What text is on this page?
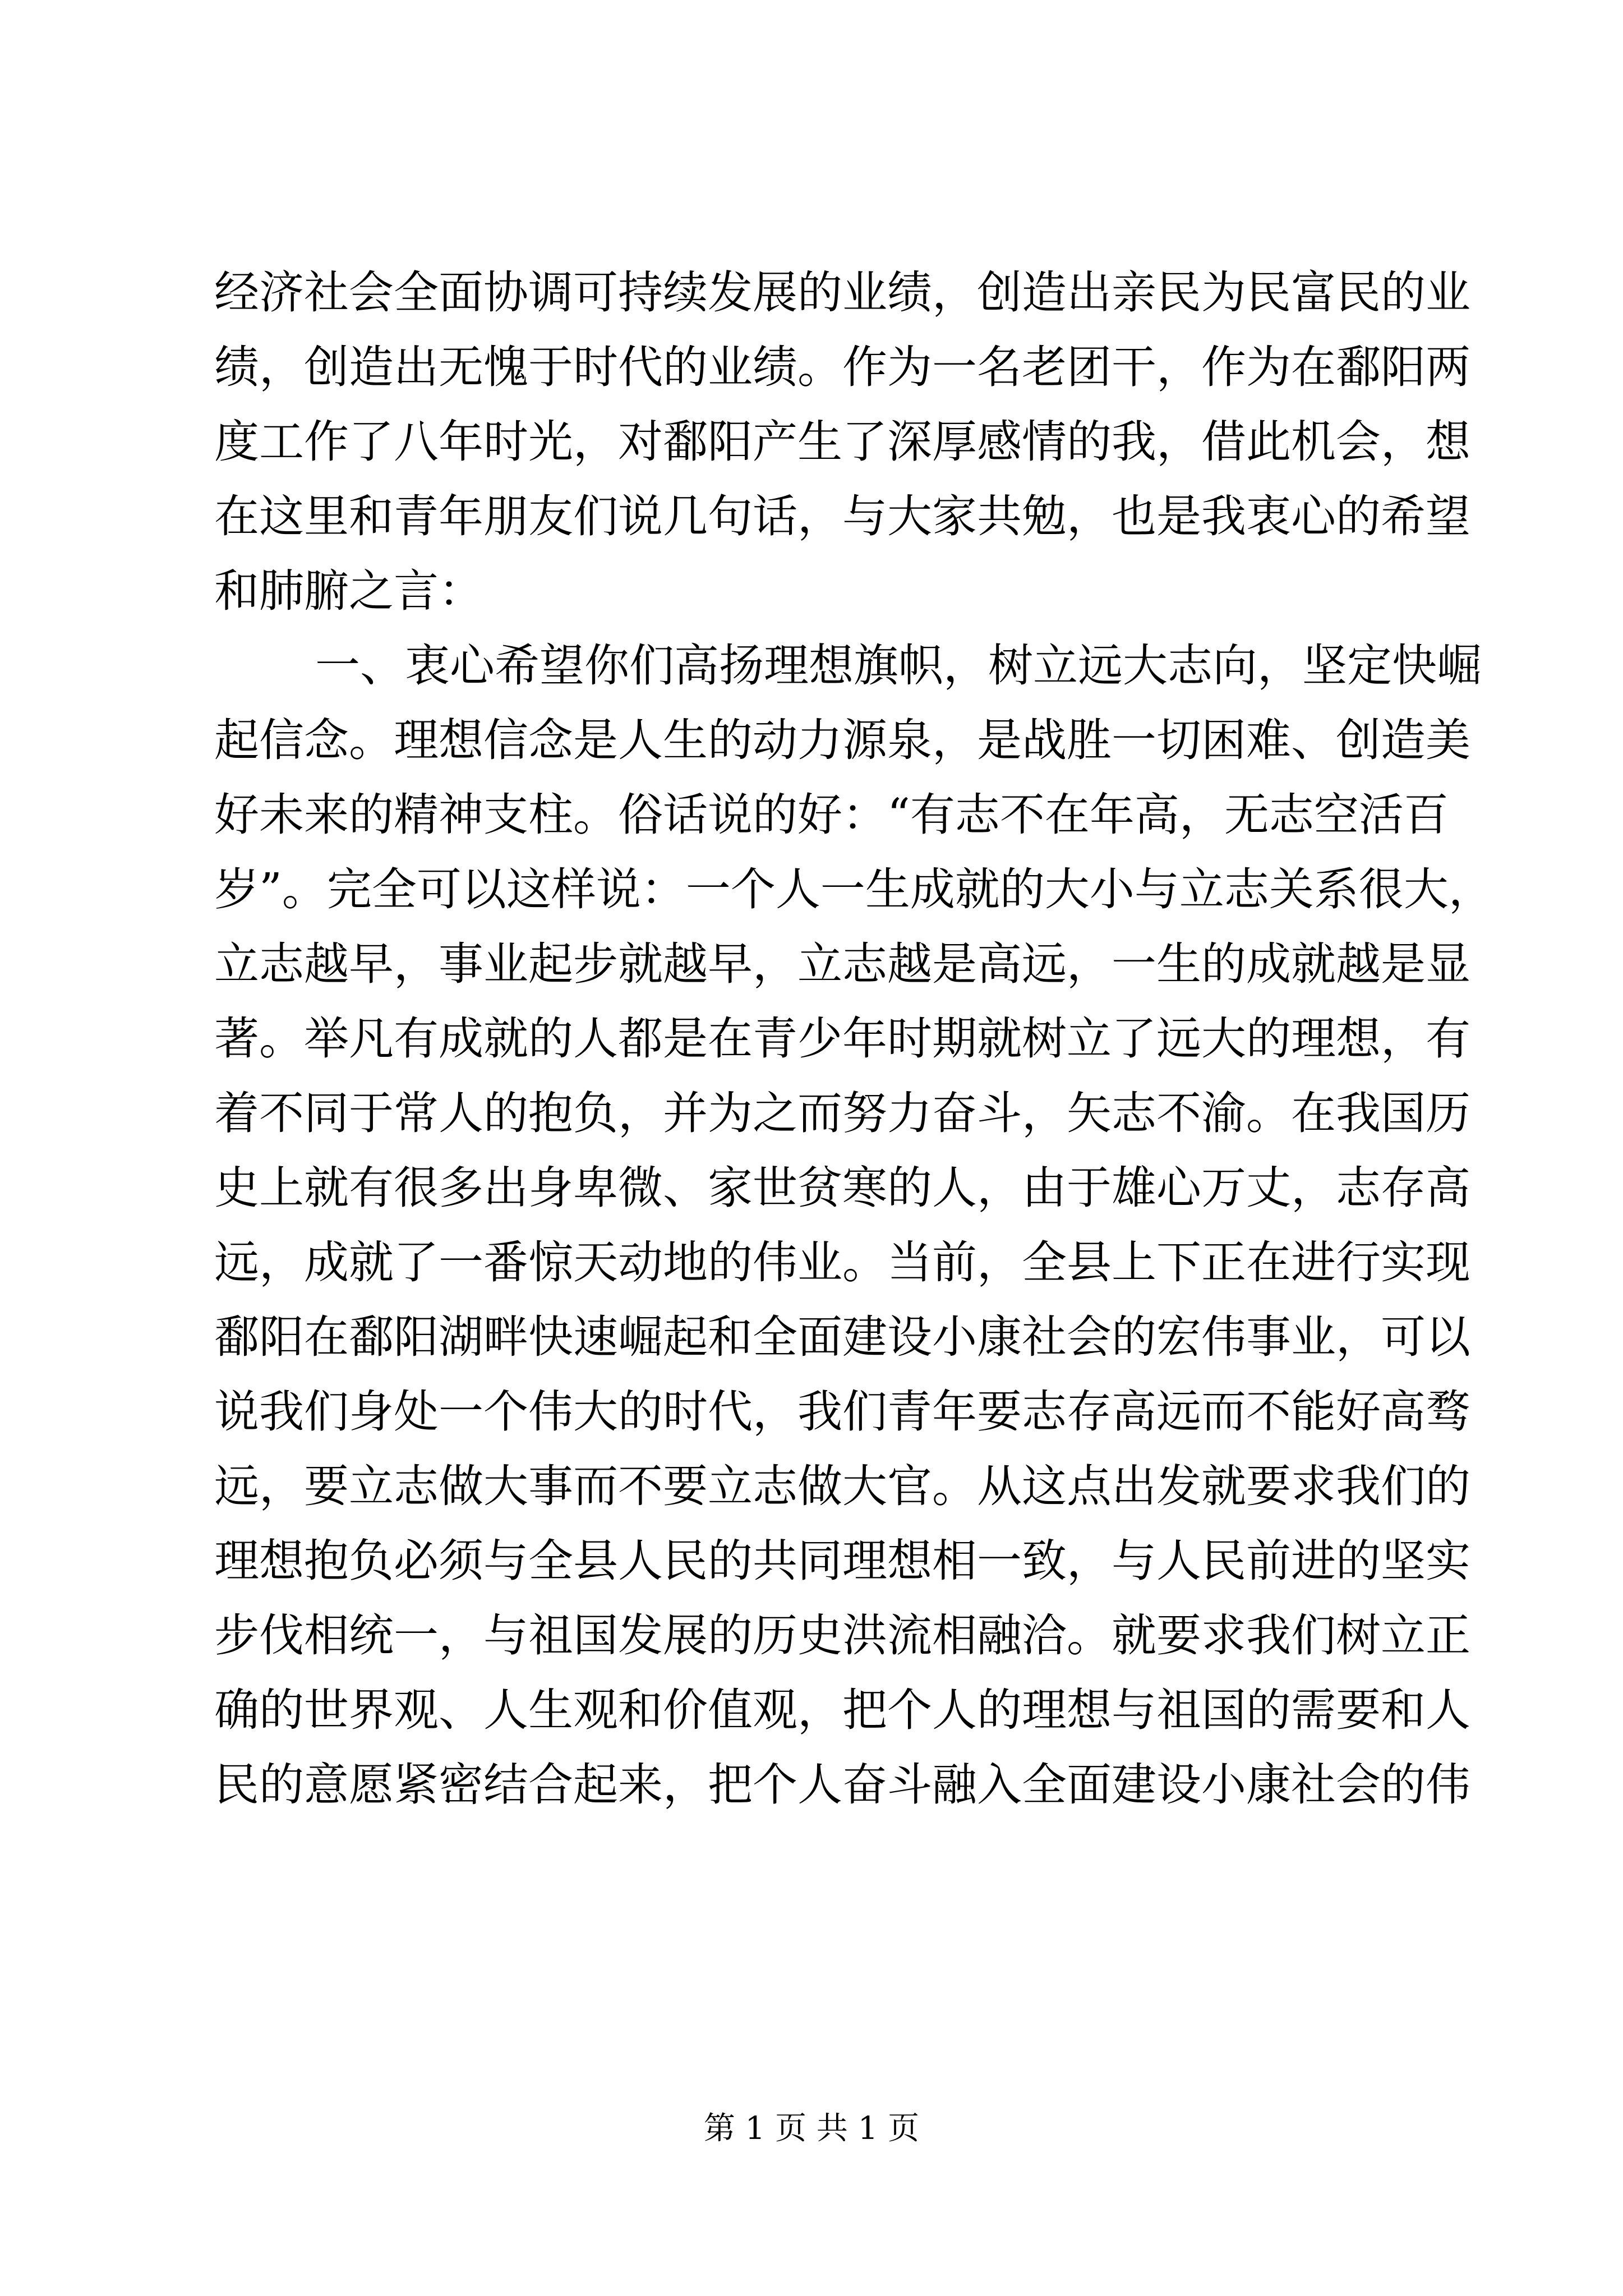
经济社会全面协调可持续发展的业绩，创造出亲民为民富民的业
绩，创造出无愧于时代的业绩。作为一名老团干，作为在鄱阳两
度工作了八年时光，对鄱阳产生了深厚感情的我，借此机会，想
在这里和青年朋友们说几句话，与大家共勉，也是我衷心的希望
和肺腑之言：
一、衷心希望你们高扬理想旗帜，树立远大志向，坚定快崛
起信念。理想信念是人生的动力源泉，是战胜一切困难、创造美
好未来的精神支柱。俗话说的好：“有志不在年高，无志空活百
岁”。完全可以这样说：一个人一生成就的大小与立志关系很大，
立志越早，事业起步就越早，立志越是高远，一生的成就越是显
著。举凡有成就的人都是在青少年时期就树立了远大的理想，有
着不同于常人的抱负，并为之而努力奋斗，矢志不渝。在我国历
史上就有很多出身卑微、家世贫寒的人，由于雄心万丈，志存高
远，成就了一番惊天动地的伟业。当前，全县上下正在进行实现
鄱阳在鄱阳湖畔快速崛起和全面建设小康社会的宏伟事业，可以
说我们身处一个伟大的时代，我们青年要志存高远而不能好高骛
远，要立志做大事而不要立志做大官。从这点出发就要求我们的
理想抱负必须与全县人民的共同理想相一致，与人民前进的坚实
步伐相统一，与祖国发展的历史洪流相融洽。就要求我们树立正
确的世界观、人生观和价值观，把个人的理想与祖国的需要和人
民的意愿紧密结合起来，把个人奋斗融入全面建设小康社会的伟
第 1 页 共 1 页
